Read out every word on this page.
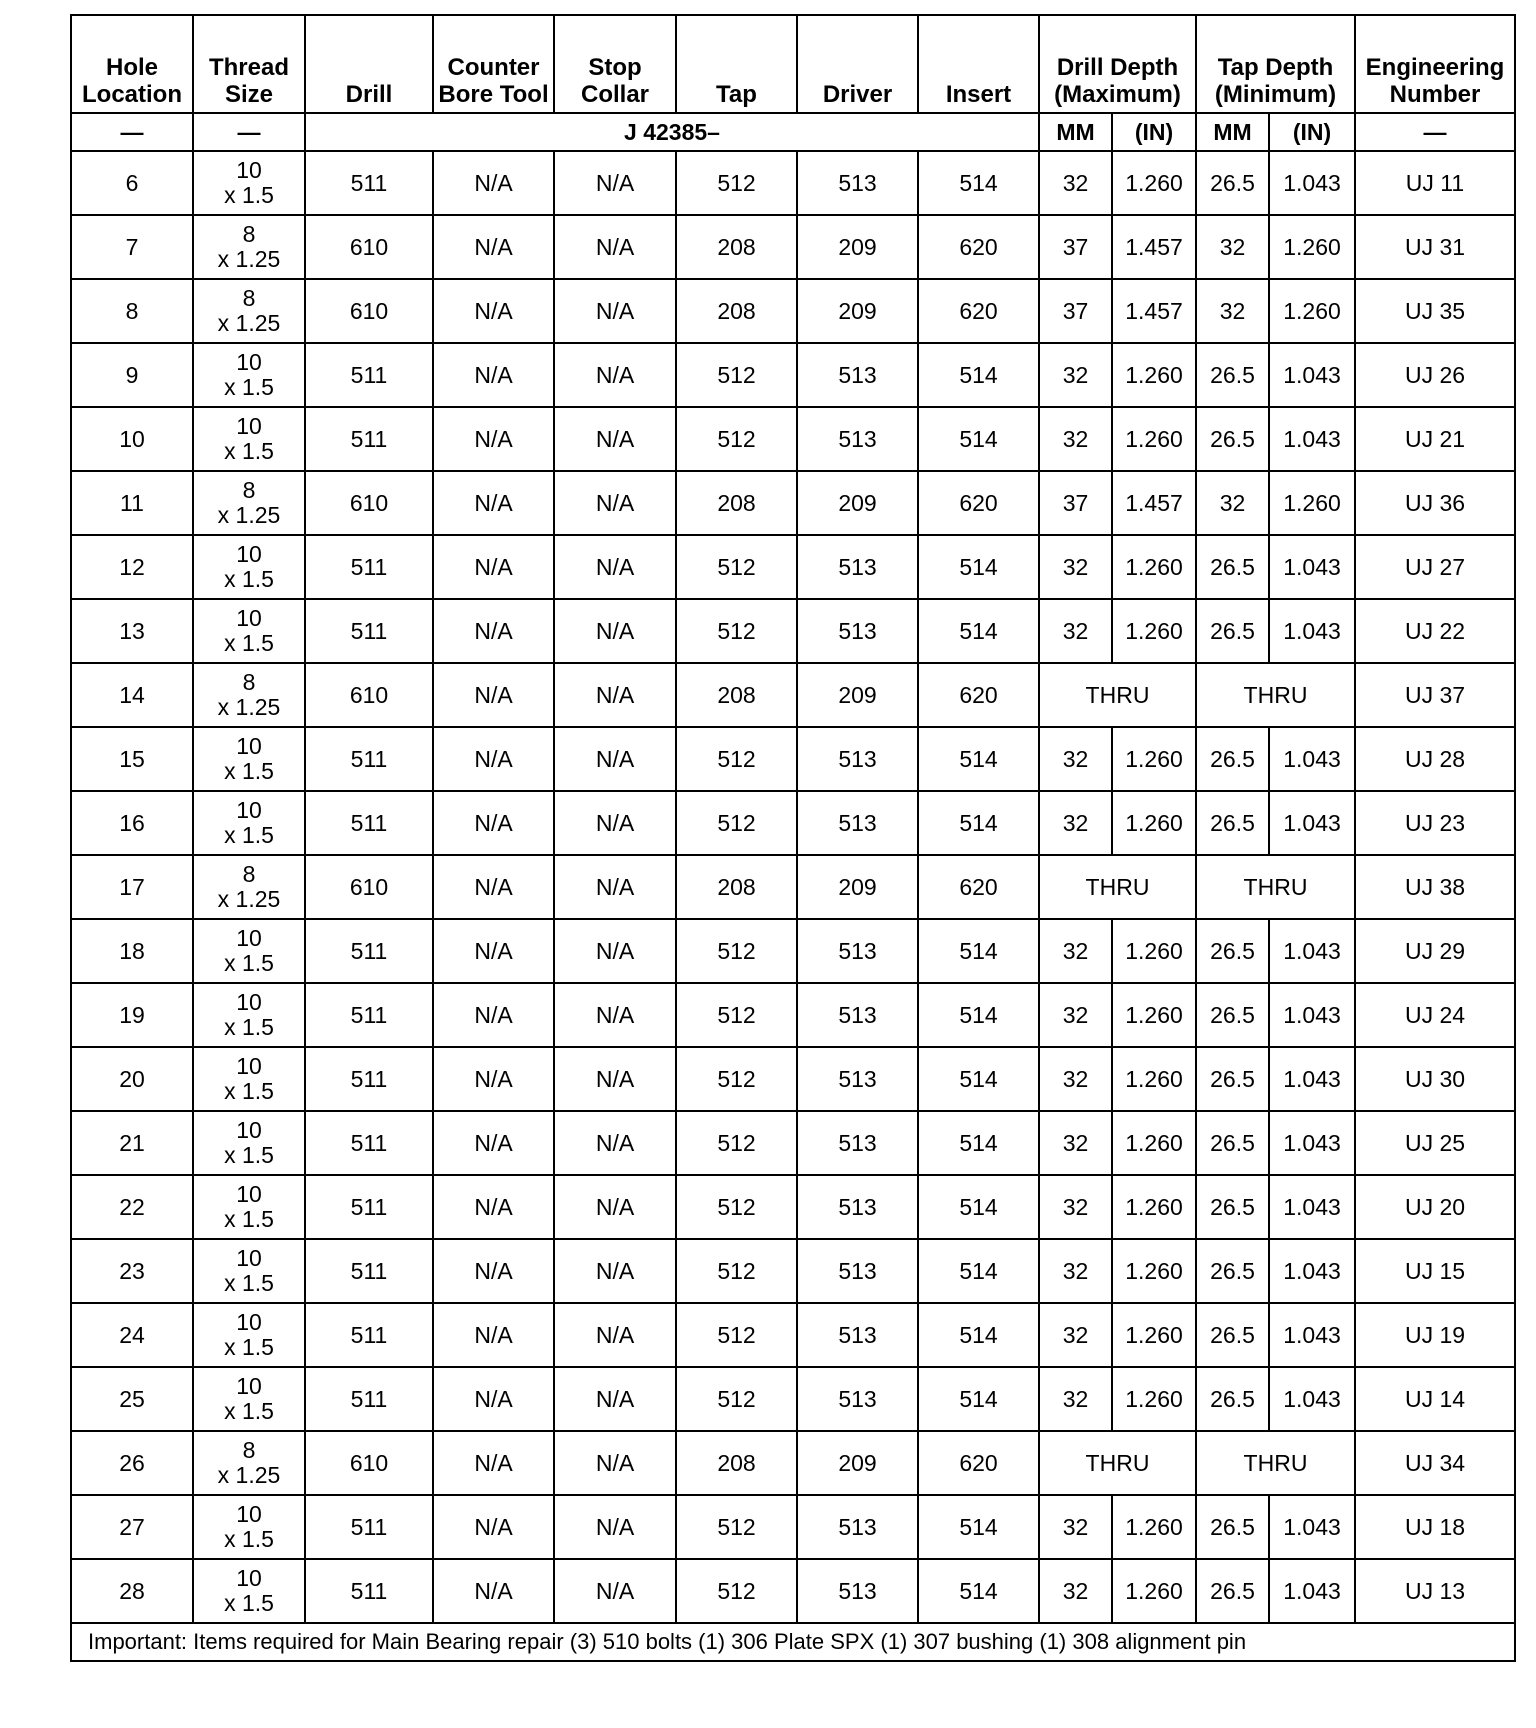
Hole Location	Thread Size	Drill	Counter Bore Tool	Stop Collar	Tap	Driver	Insert	Drill Depth (Maximum)		Tap Depth (Minimum)		Engineering Number
—	—	J 42385–						MM	(IN)	MM	(IN)	—
6	10
x 1.5	511	N/A	N/A	512	513	514	32	1.260	26.5	1.043	UJ 11
7	8
x 1.25	610	N/A	N/A	208	209	620	37	1.457	32	1.260	UJ 31
8	8
x 1.25	610	N/A	N/A	208	209	620	37	1.457	32	1.260	UJ 35
9	10
x 1.5	511	N/A	N/A	512	513	514	32	1.260	26.5	1.043	UJ 26
10	10
x 1.5	511	N/A	N/A	512	513	514	32	1.260	26.5	1.043	UJ 21
11	8
x 1.25	610	N/A	N/A	208	209	620	37	1.457	32	1.260	UJ 36
12	10
x 1.5	511	N/A	N/A	512	513	514	32	1.260	26.5	1.043	UJ 27
13	10
x 1.5	511	N/A	N/A	512	513	514	32	1.260	26.5	1.043	UJ 22
14	8
x 1.25	610	N/A	N/A	208	209	620	THRU		THRU		UJ 37
15	10
x 1.5	511	N/A	N/A	512	513	514	32	1.260	26.5	1.043	UJ 28
16	10
x 1.5	511	N/A	N/A	512	513	514	32	1.260	26.5	1.043	UJ 23
17	8
x 1.25	610	N/A	N/A	208	209	620	THRU		THRU		UJ 38
18	10
x 1.5	511	N/A	N/A	512	513	514	32	1.260	26.5	1.043	UJ 29
19	10
x 1.5	511	N/A	N/A	512	513	514	32	1.260	26.5	1.043	UJ 24
20	10
x 1.5	511	N/A	N/A	512	513	514	32	1.260	26.5	1.043	UJ 30
21	10
x 1.5	511	N/A	N/A	512	513	514	32	1.260	26.5	1.043	UJ 25
22	10
x 1.5	511	N/A	N/A	512	513	514	32	1.260	26.5	1.043	UJ 20
23	10
x 1.5	511	N/A	N/A	512	513	514	32	1.260	26.5	1.043	UJ 15
24	10
x 1.5	511	N/A	N/A	512	513	514	32	1.260	26.5	1.043	UJ 19
25	10
x 1.5	511	N/A	N/A	512	513	514	32	1.260	26.5	1.043	UJ 14
26	8
x 1.25	610	N/A	N/A	208	209	620	THRU		THRU		UJ 34
27	10
x 1.5	511	N/A	N/A	512	513	514	32	1.260	26.5	1.043	UJ 18
28	10
x 1.5	511	N/A	N/A	512	513	514	32	1.260	26.5	1.043	UJ 13
Important: Items required for Main Bearing repair (3) 510 bolts (1) 306 Plate SPX (1) 307 bushing (1) 308 alignment pin												
